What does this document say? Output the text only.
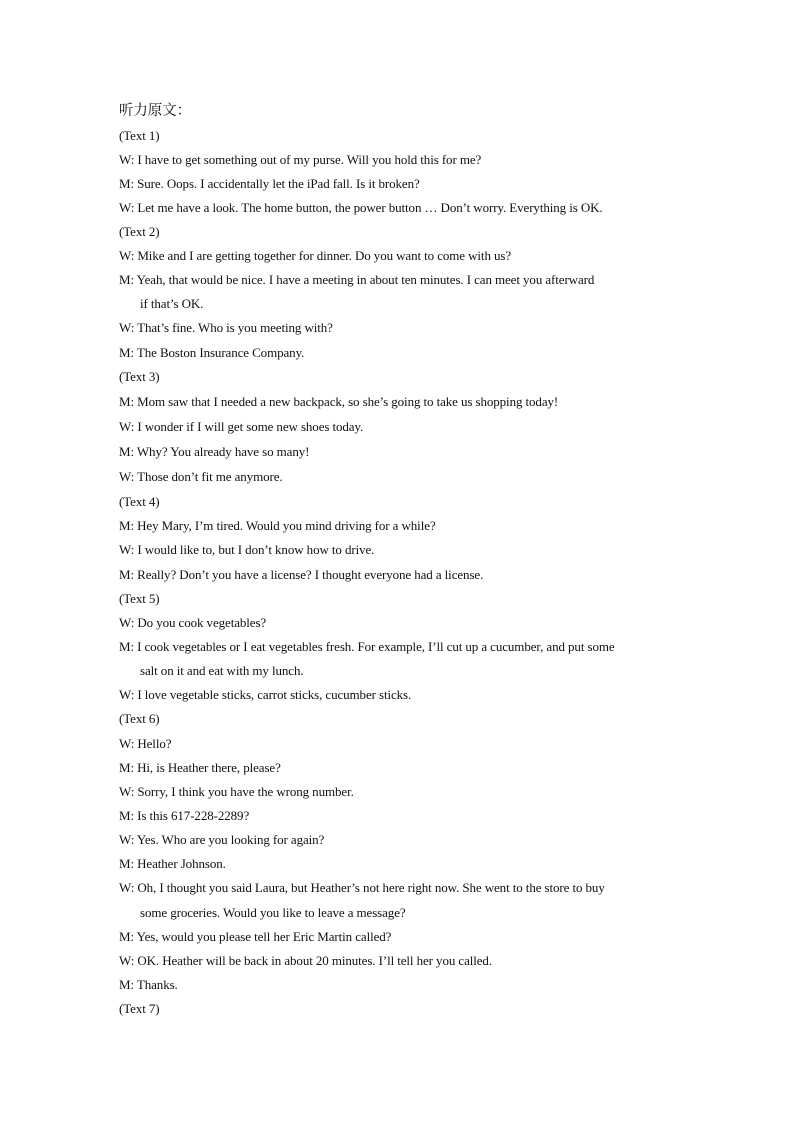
听力原文：
(Text 1)
W: I have to get something out of my purse. Will you hold this for me?
M: Sure. Oops. I accidentally let the iPad fall. Is it broken?
W: Let me have a look. The home button, the power button … Don’t worry. Everything is OK.
(Text 2)
W: Mike and I are getting together for dinner. Do you want to come with us?
M: Yeah, that would be nice. I have a meeting in about ten minutes. I can meet you afterward
if that’s OK.
W: That’s fine. Who is you meeting with?
M: The Boston Insurance Company.
(Text 3)
M: Mom saw that I needed a new backpack, so she’s going to take us shopping today!
W: I wonder if I will get some new shoes today.
M: Why? You already have so many!
W: Those don’t fit me anymore.
(Text 4)
M: Hey Mary, I’m tired. Would you mind driving for a while?
W: I would like to, but I don’t know how to drive.
M: Really? Don’t you have a license? I thought everyone had a license.
(Text 5)
W: Do you cook vegetables?
M: I cook vegetables or I eat vegetables fresh. For example, I’ll cut up a cucumber, and put some
salt on it and eat with my lunch.
W: I love vegetable sticks, carrot sticks, cucumber sticks.
(Text 6)
W: Hello?
M: Hi, is Heather there, please?
W: Sorry, I think you have the wrong number.
M: Is this 617-228-2289?
W: Yes. Who are you looking for again?
M: Heather Johnson.
W: Oh, I thought you said Laura, but Heather’s not here right now. She went to the store to buy
some groceries. Would you like to leave a message?
M: Yes, would you please tell her Eric Martin called?
W: OK. Heather will be back in about 20 minutes. I’ll tell her you called.
M: Thanks.
(Text 7)
